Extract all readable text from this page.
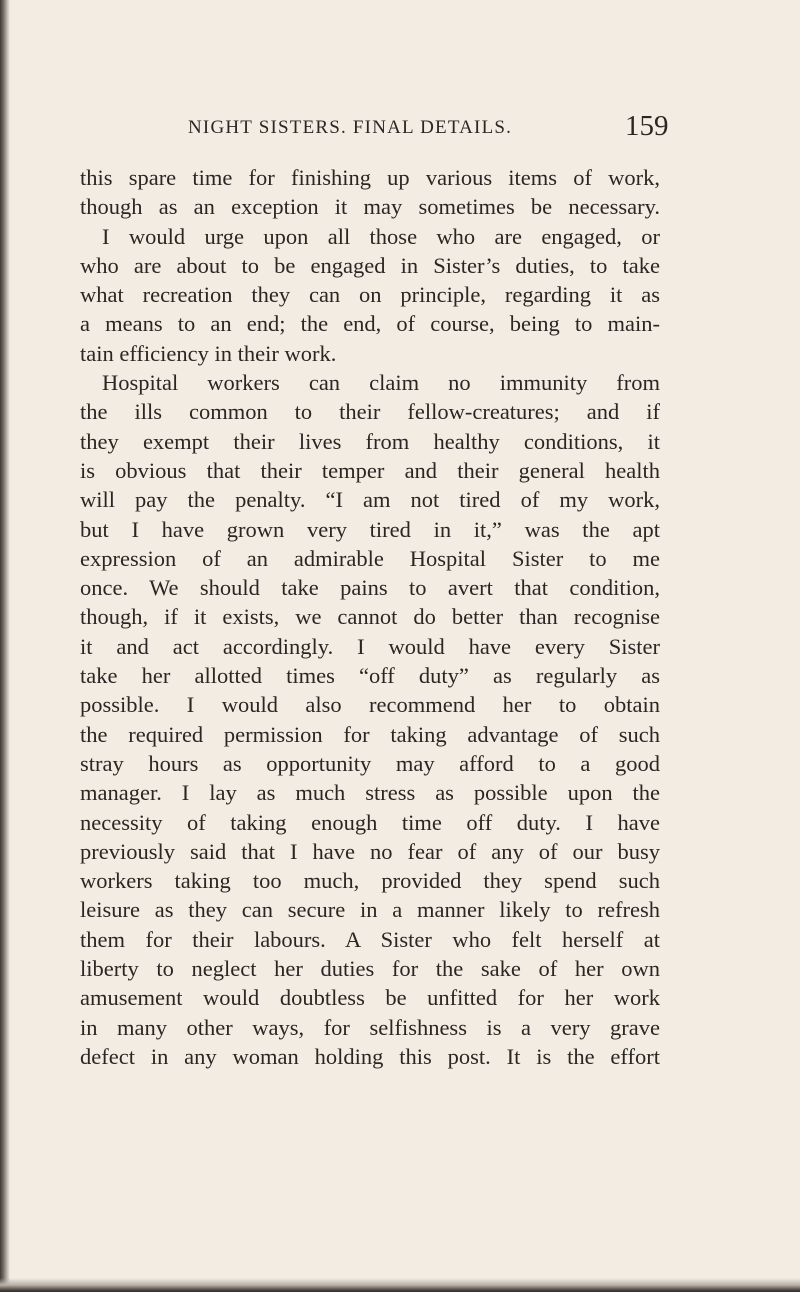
NIGHT SISTERS. FINAL DETAILS.	159
this spare time for finishing up various items of work,
though as an exception it may sometimes be necessary.
I would urge upon all those who are engaged, or
who are about to be engaged in Sister’s duties, to take
what recreation they can on principle, regarding it as
a means to an end; the end, of course, being to main-
tain efficiency in their work.
Hospital workers can claim no immunity from
the ills common to their fellow-creatures; and if
they exempt their lives from healthy conditions, it
is obvious that their temper and their general health
will pay the penalty. “I am not tired of my work,
but I have grown very tired in it,” was the apt
expression of an admirable Hospital Sister to me
once. We should take pains to avert that condition,
though, if it exists, we cannot do better than recognise
it and act accordingly. I would have every Sister
take her allotted times “off duty” as regularly as
possible. I would also recommend her to obtain
the required permission for taking advantage of such
stray hours as opportunity may afford to a good
manager. I lay as much stress as possible upon the
necessity of taking enough time off duty. I have
previously said that I have no fear of any of our busy
workers taking too much, provided they spend such
leisure as they can secure in a manner likely to refresh
them for their labours. A Sister who felt herself at
liberty to neglect her duties for the sake of her own
amusement would doubtless be unfitted for her work
in many other ways, for selfishness is a very grave
defect in any woman holding this post. It is the effort
